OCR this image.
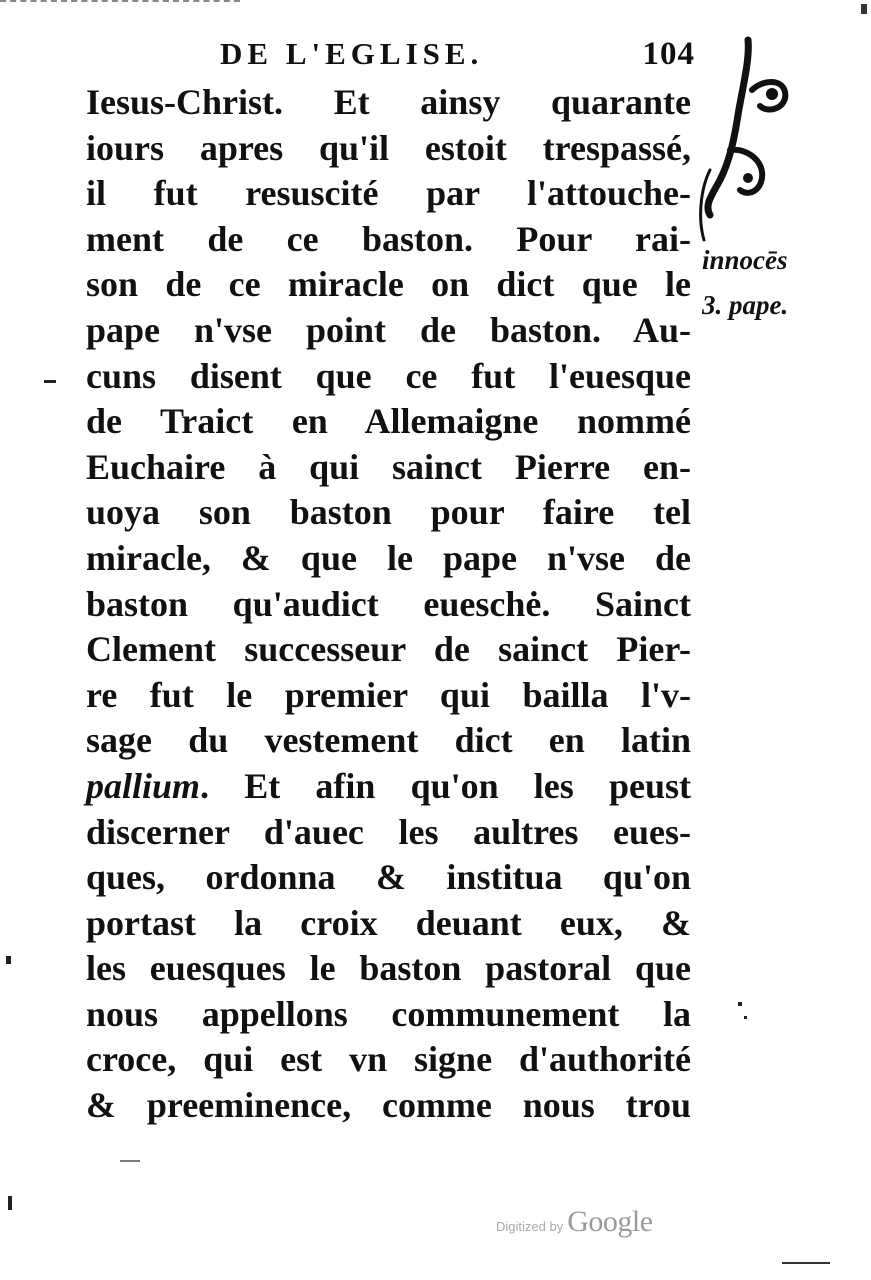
DE L'EGLISE.	104
Iesus-Christ. Et ainsy quarante
iours apres qu'il estoit trespassé,
il fut resuscité par l'attouche-
ment de ce baston. Pour rai-
son de ce miracle on dict que le
pape n'vse point de baston. Au-
cuns disent que ce fut l'euesque
de Traict en Allemaigne nommé
Euchaire à qui sainct Pierre en-
uoya son baston pour faire tel
miracle, & que le pape n'vse de
baston qu'audict eueschė. Sainct
Clement successeur de sainct Pier-
re fut le premier qui bailla l'v-
sage du vestement dict en latin
pallium. Et afin qu'on les peust
discerner d'auec les aultres eues-
ques, ordonna & institua qu'on
portast la croix deuant eux, &
les euesques le baston pastoral que
nous appellons communement la
croce, qui est vn signe d'authorité
& preeminence, comme nous trou
innocēs
3. pape.
Digitized by Google
